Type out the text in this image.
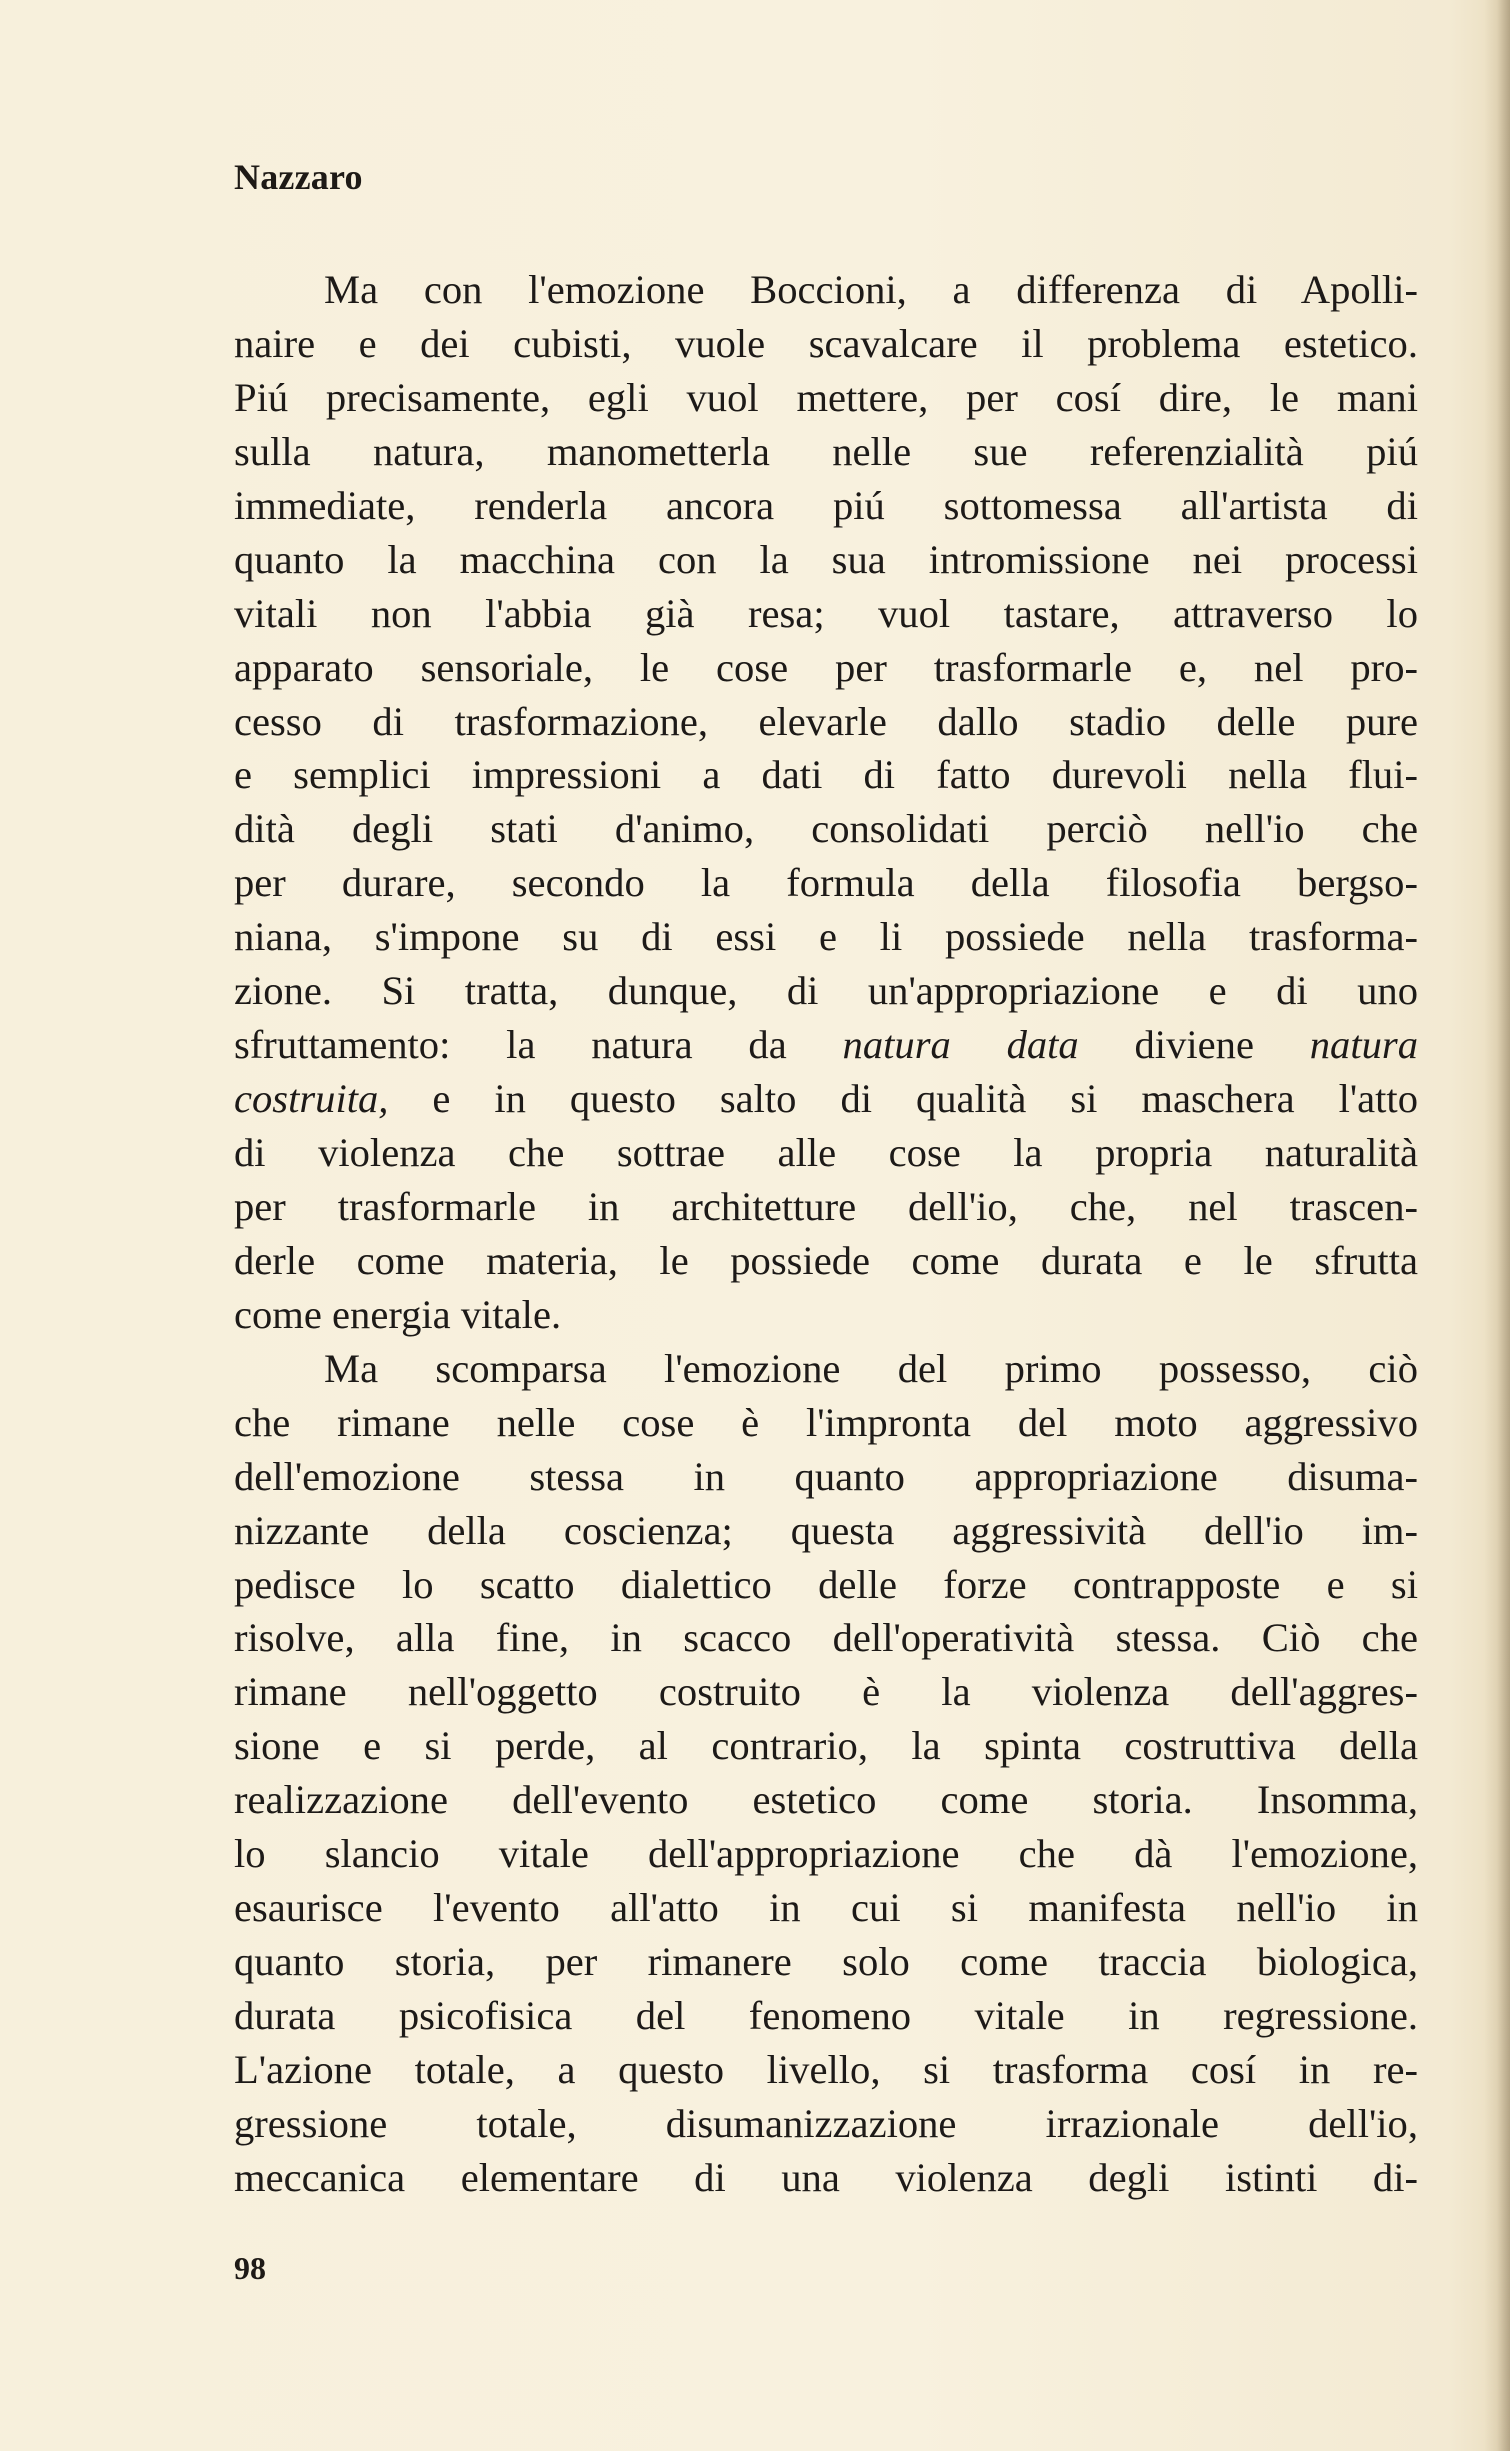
Nazzaro
Ma con l'emozione Boccioni, a differenza di Apolli-
naire e dei cubisti, vuole scavalcare il problema estetico.
Piú precisamente, egli vuol mettere, per cosí dire, le mani
sulla natura, manometterla nelle sue referenzialità piú
immediate, renderla ancora piú sottomessa all'artista di
quanto la macchina con la sua intromissione nei processi
vitali non l'abbia già resa; vuol tastare, attraverso lo
apparato sensoriale, le cose per trasformarle e, nel pro-
cesso di trasformazione, elevarle dallo stadio delle pure
e semplici impressioni a dati di fatto durevoli nella flui-
dità degli stati d'animo, consolidati perciò nell'io che
per durare, secondo la formula della filosofia bergso-
niana, s'impone su di essi e li possiede nella trasforma-
zione. Si tratta, dunque, di un'appropriazione e di uno
sfruttamento: la natura da natura data diviene natura
costruita, e in questo salto di qualità si maschera l'atto
di violenza che sottrae alle cose la propria naturalità
per trasformarle in architetture dell'io, che, nel trascen-
derle come materia, le possiede come durata e le sfrutta
come energia vitale.
Ma scomparsa l'emozione del primo possesso, ciò
che rimane nelle cose è l'impronta del moto aggressivo
dell'emozione stessa in quanto appropriazione disuma-
nizzante della coscienza; questa aggressività dell'io im-
pedisce lo scatto dialettico delle forze contrapposte e si
risolve, alla fine, in scacco dell'operatività stessa. Ciò che
rimane nell'oggetto costruito è la violenza dell'aggres-
sione e si perde, al contrario, la spinta costruttiva della
realizzazione dell'evento estetico come storia. Insomma,
lo slancio vitale dell'appropriazione che dà l'emozione,
esaurisce l'evento all'atto in cui si manifesta nell'io in
quanto storia, per rimanere solo come traccia biologica,
durata psicofisica del fenomeno vitale in regressione.
L'azione totale, a questo livello, si trasforma cosí in re-
gressione totale, disumanizzazione irrazionale dell'io,
meccanica elementare di una violenza degli istinti di-
98
